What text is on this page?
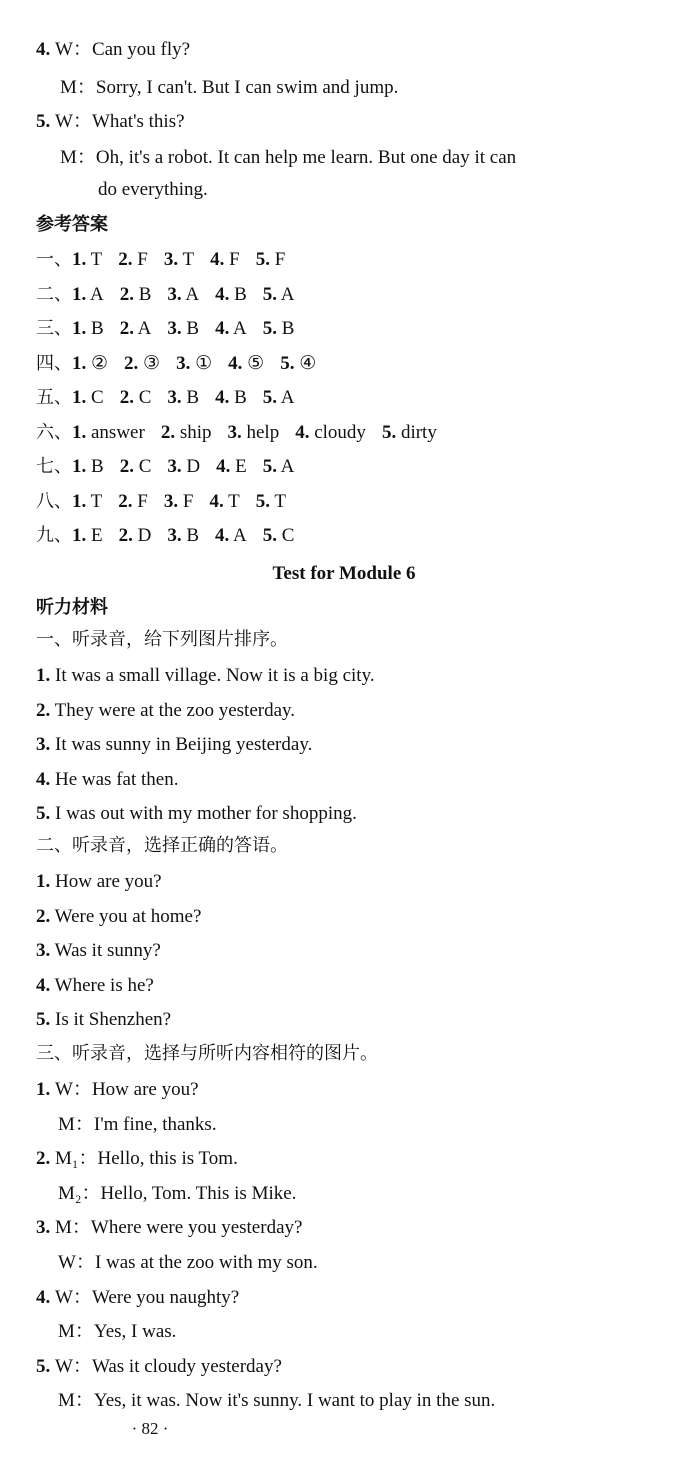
4. W：Can you fly?
M：Sorry, I can't. But I can swim and jump.
5. W：What's this?
M：Oh, it's a robot. It can help me learn. But one day it can
do everything.
参考答案
一、1. T 2. F 3. T 4. F 5. F
二、1. A 2. B 3. A 4. B 5. A
三、1. B 2. A 3. B 4. A 5. B
四、1. ② 2. ③ 3. ① 4. ⑤ 5. ④
五、1. C 2. C 3. B 4. B 5. A
六、1. answer 2. ship 3. help 4. cloudy 5. dirty
七、1. B 2. C 3. D 4. E 5. A
八、1. T 2. F 3. F 4. T 5. T
九、1. E 2. D 3. B 4. A 5. C
Test for Module 6
听力材料
一、听录音，给下列图片排序。
1. It was a small village. Now it is a big city.
2. They were at the zoo yesterday.
3. It was sunny in Beijing yesterday.
4. He was fat then.
5. I was out with my mother for shopping.
二、听录音，选择正确的答语。
1. How are you?
2. Were you at home?
3. Was it sunny?
4. Where is he?
5. Is it Shenzhen?
三、听录音，选择与所听内容相符的图片。
1. W：How are you?
M：I'm fine, thanks.
2. M₁：Hello, this is Tom.
M₂：Hello, Tom. This is Mike.
3. M：Where were you yesterday?
W：I was at the zoo with my son.
4. W：Were you naughty?
M：Yes, I was.
5. W：Was it cloudy yesterday?
M：Yes, it was. Now it's sunny. I want to play in the sun.
· 82 ·
